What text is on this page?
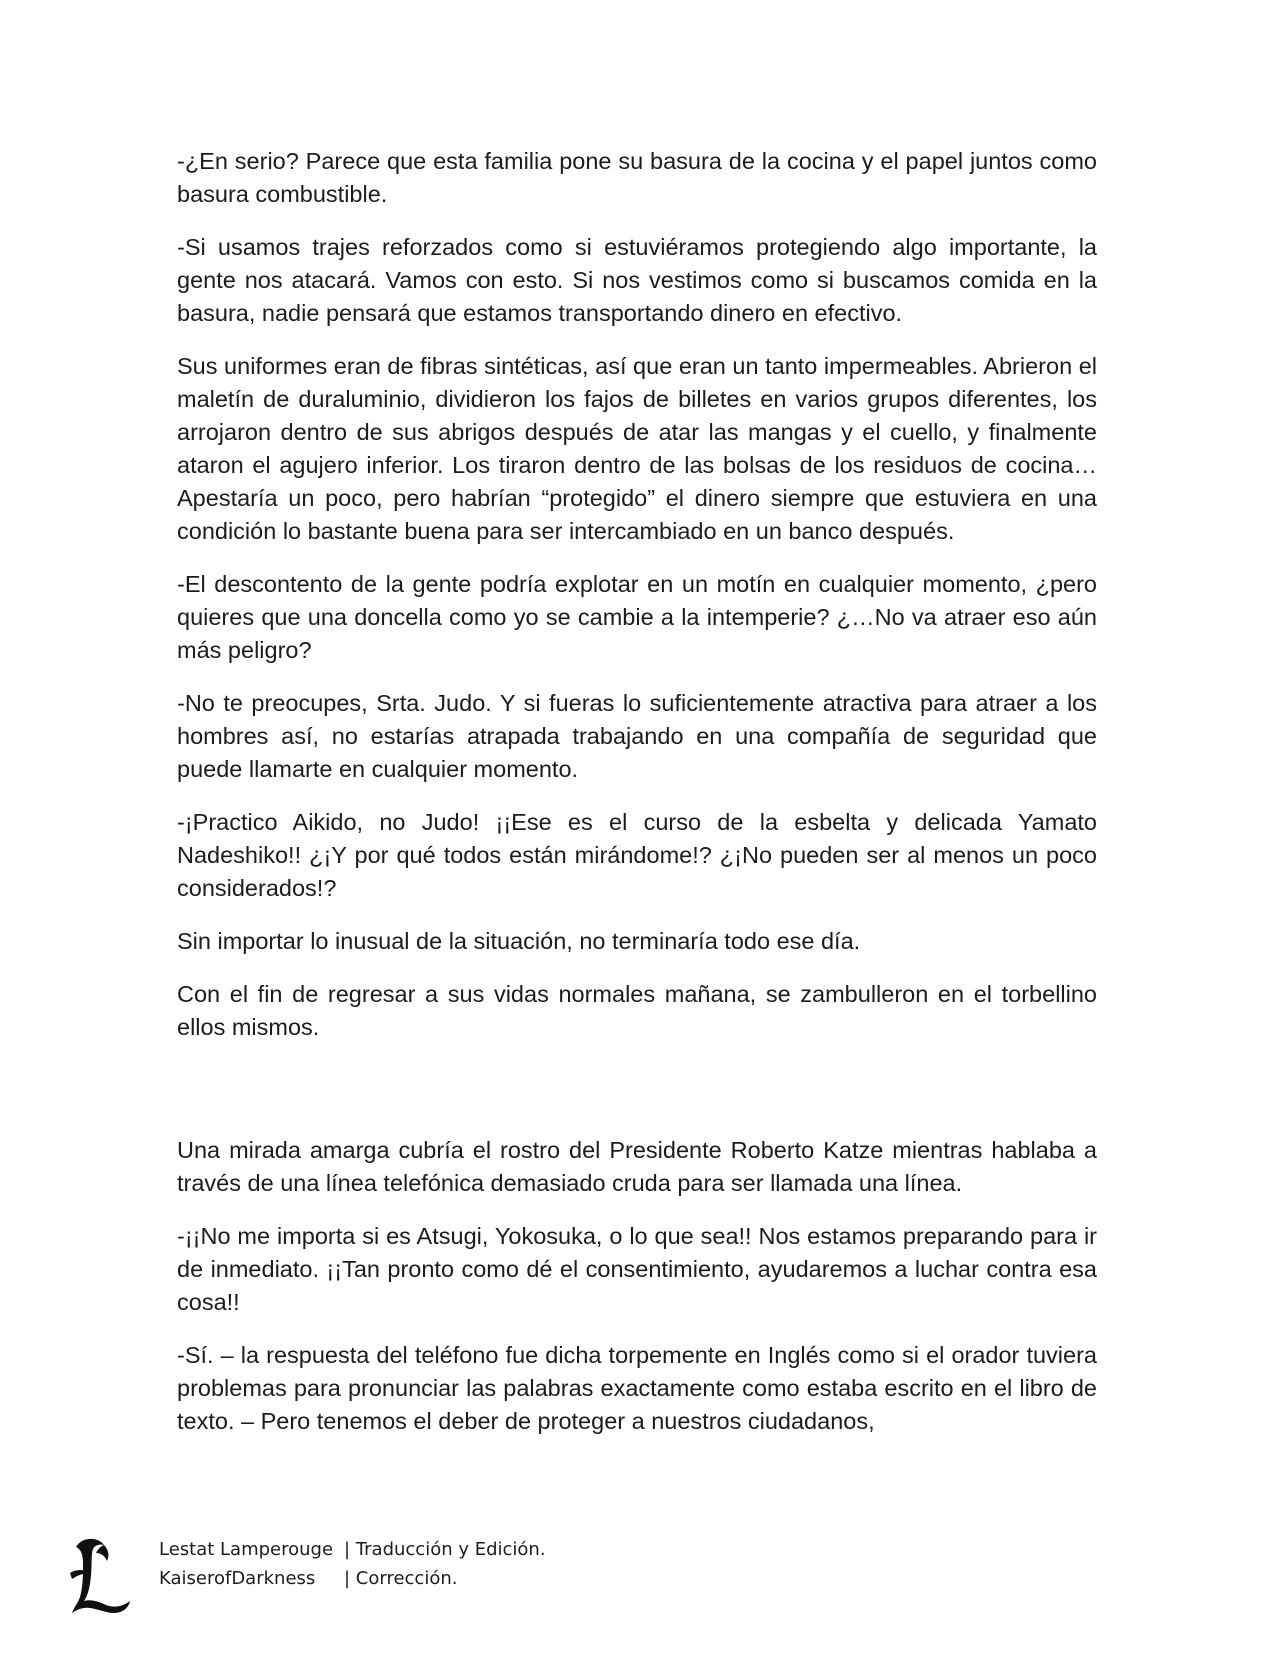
-¿En serio? Parece que esta familia pone su basura de la cocina y el papel juntos como basura combustible.

-Si usamos trajes reforzados como si estuviéramos protegiendo algo importante, la gente nos atacará. Vamos con esto. Si nos vestimos como si buscamos comida en la basura, nadie pensará que estamos transportando dinero en efectivo.

Sus uniformes eran de fibras sintéticas, así que eran un tanto impermeables. Abrieron el maletín de duraluminio, dividieron los fajos de billetes en varios grupos diferentes, los arrojaron dentro de sus abrigos después de atar las mangas y el cuello, y finalmente ataron el agujero inferior. Los tiraron dentro de las bolsas de los residuos de cocina…Apestaría un poco, pero habrían “protegido” el dinero siempre que estuviera en una condición lo bastante buena para ser intercambiado en un banco después.

-El descontento de la gente podría explotar en un motín en cualquier momento, ¿pero quieres que una doncella como yo se cambie a la intemperie? ¿…No va atraer eso aún más peligro?

-No te preocupes, Srta. Judo. Y si fueras lo suficientemente atractiva para atraer a los hombres así, no estarías atrapada trabajando en una compañía de seguridad que puede llamarte en cualquier momento.

-¡Practico Aikido, no Judo! ¡¡Ese es el curso de la esbelta y delicada Yamato Nadeshiko!! ¿¡Y por qué todos están mirándome!? ¿¡No pueden ser al menos un poco considerados!?

Sin importar lo inusual de la situación, no terminaría todo ese día.

Con el fin de regresar a sus vidas normales mañana, se zambulleron en el torbellino ellos mismos.

Una mirada amarga cubría el rostro del Presidente Roberto Katze mientras hablaba a través de una línea telefónica demasiado cruda para ser llamada una línea.

-¡¡No me importa si es Atsugi, Yokosuka, o lo que sea!! Nos estamos preparando para ir de inmediato. ¡¡Tan pronto como dé el consentimiento, ayudaremos a luchar contra esa cosa!!

-Sí. – la respuesta del teléfono fue dicha torpemente en Inglés como si el orador tuviera problemas para pronunciar las palabras exactamente como estaba escrito en el libro de texto. – Pero tenemos el deber de proteger a nuestros ciudadanos,

Lestat Lamperouge | Traducción y Edición.
KaiserofDarkness	| Corrección.
